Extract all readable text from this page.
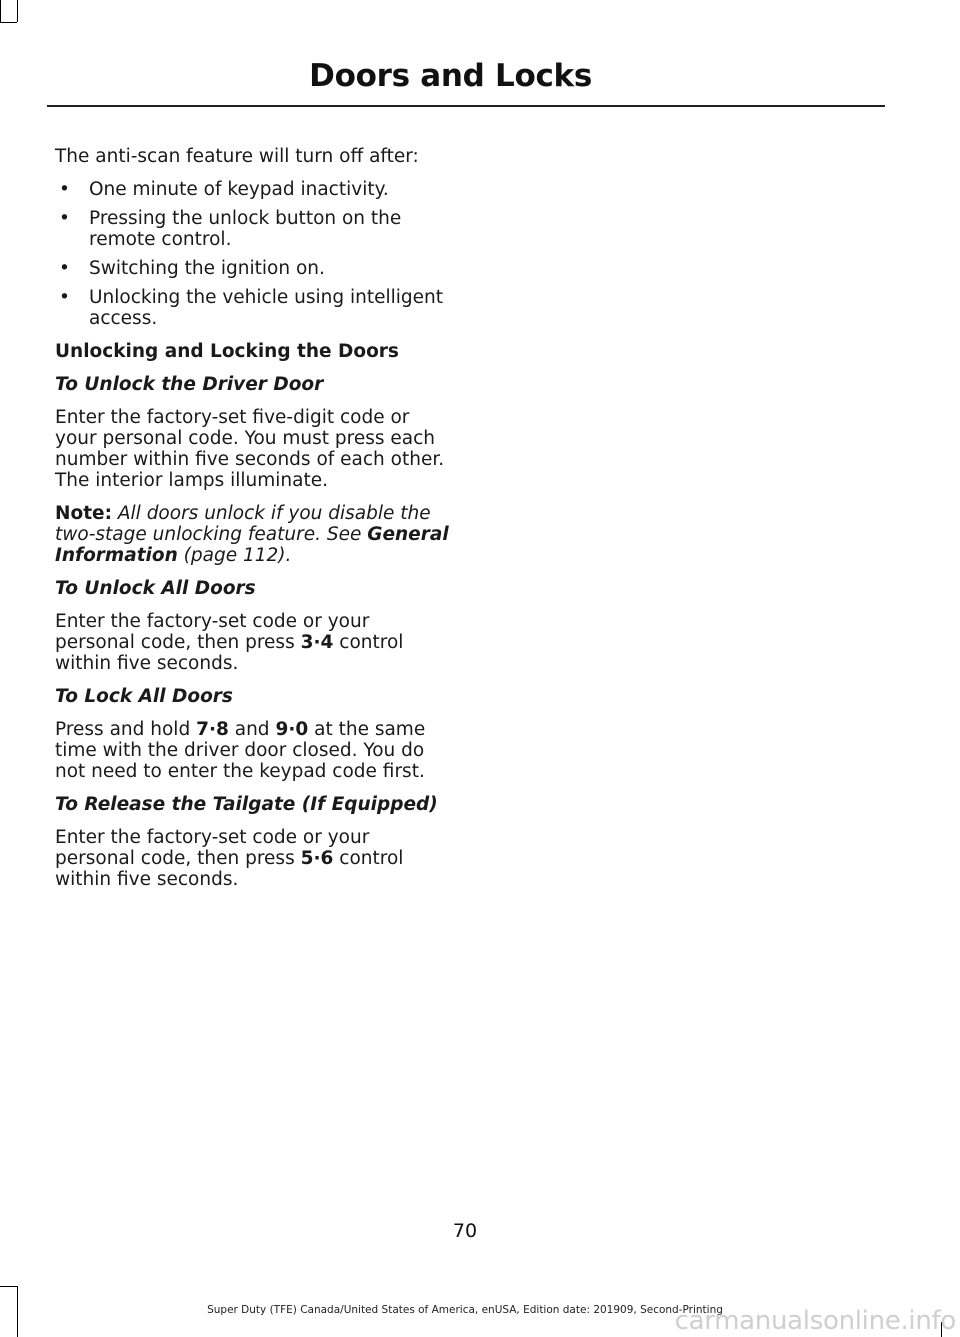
Doors and Locks

The anti-scan feature will turn off after:

• One minute of keypad inactivity.
• Pressing the unlock button on the remote control.
• Switching the ignition on.
• Unlocking the vehicle using intelligent access.

Unlocking and Locking the Doors

To Unlock the Driver Door

Enter the factory-set five-digit code or your personal code. You must press each number within five seconds of each other. The interior lamps illuminate.

Note: All doors unlock if you disable the two-stage unlocking feature. See General Information (page 112).

To Unlock All Doors

Enter the factory-set code or your personal code, then press 3·4 control within five seconds.

To Lock All Doors

Press and hold 7·8 and 9·0 at the same time with the driver door closed. You do not need to enter the keypad code first.

To Release the Tailgate (If Equipped)

Enter the factory-set code or your personal code, then press 5·6 control within five seconds.

70
Super Duty (TFE) Canada/United States of America, enUSA, Edition date: 201909, Second-Printing
carmanualsonline.info
